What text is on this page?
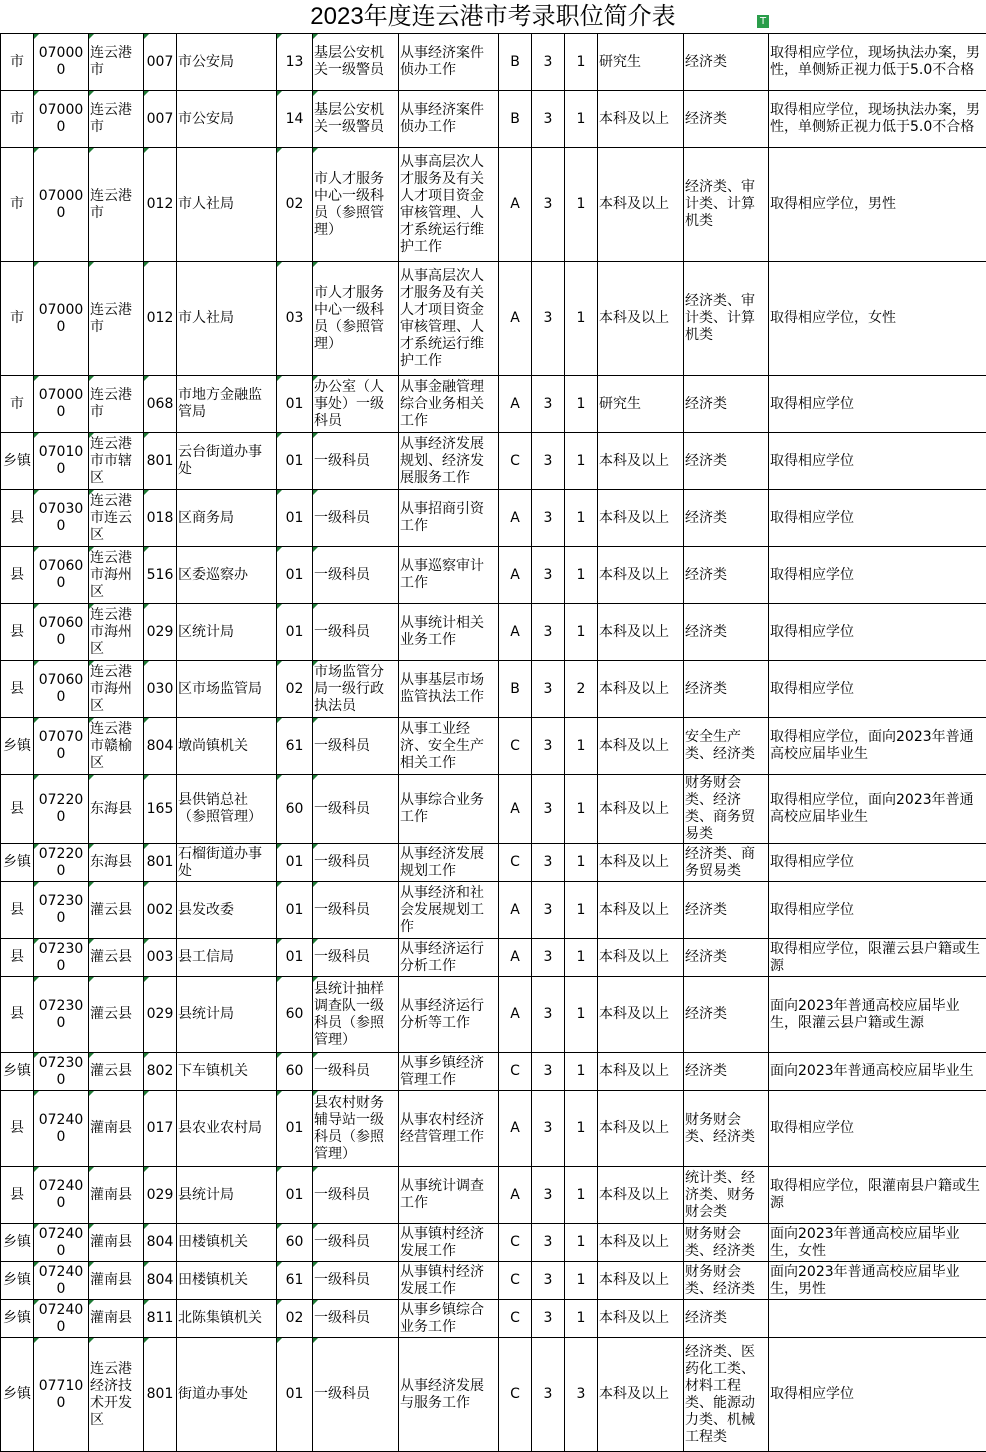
2023年度连云港市考录职位简介表	T
市	070000	连云港市	007	市公安局	13	基层公安机关一级警员	从事经济案件侦办工作	B	3	1	研究生	经济类	取得相应学位，现场执法办案，男性，单侧矫正视力低于5.0不合格
市	070000	连云港市	007	市公安局	14	基层公安机关一级警员	从事经济案件侦办工作	B	3	1	本科及以上	经济类	取得相应学位，现场执法办案，男性，单侧矫正视力低于5.0不合格
市	070000	连云港市	012	市人社局	02	市人才服务中心一级科员（参照管理）	从事高层次人才服务及有关人才项目资金审核管理、人才系统运行维护工作	A	3	1	本科及以上	经济类、审计类、计算机类	取得相应学位，男性
市	070000	连云港市	012	市人社局	03	市人才服务中心一级科员（参照管理）	从事高层次人才服务及有关人才项目资金审核管理、人才系统运行维护工作	A	3	1	本科及以上	经济类、审计类、计算机类	取得相应学位，女性
市	070000	连云港市	068	市地方金融监管局	01	办公室（人事处）一级科员	从事金融管理综合业务相关工作	A	3	1	研究生	经济类	取得相应学位
乡镇	070100	连云港市市辖区	801	云台街道办事处	01	一级科员	从事经济发展规划、经济发展服务工作	C	3	1	本科及以上	经济类	取得相应学位
县	070300	连云港市连云区	018	区商务局	01	一级科员	从事招商引资工作	A	3	1	本科及以上	经济类	取得相应学位
县	070600	连云港市海州区	516	区委巡察办	01	一级科员	从事巡察审计工作	A	3	1	本科及以上	经济类	取得相应学位
县	070600	连云港市海州区	029	区统计局	01	一级科员	从事统计相关业务工作	A	3	1	本科及以上	经济类	取得相应学位
县	070600	连云港市海州区	030	区市场监管局	02	市场监管分局一级行政执法员	从事基层市场监管执法工作	B	3	2	本科及以上	经济类	取得相应学位
乡镇	070700	连云港市赣榆区	804	墩尚镇机关	61	一级科员	从事工业经济、安全生产相关工作	C	3	1	本科及以上	安全生产类、经济类	取得相应学位，面向2023年普通高校应届毕业生
县	072200	东海县	165	县供销总社（参照管理）	60	一级科员	从事综合业务工作	A	3	1	本科及以上	财务财会类、经济类、商务贸易类	取得相应学位，面向2023年普通高校应届毕业生
乡镇	072200	东海县	801	石榴街道办事处	01	一级科员	从事经济发展规划工作	C	3	1	本科及以上	经济类、商务贸易类	取得相应学位
县	072300	灌云县	002	县发改委	01	一级科员	从事经济和社会发展规划工作	A	3	1	本科及以上	经济类	取得相应学位
县	072300	灌云县	003	县工信局	01	一级科员	从事经济运行分析工作	A	3	1	本科及以上	经济类	取得相应学位，限灌云县户籍或生源
县	072300	灌云县	029	县统计局	60	县统计抽样调查队一级科员（参照管理）	从事经济运行分析等工作	A	3	1	本科及以上	经济类	面向2023年普通高校应届毕业生，限灌云县户籍或生源
乡镇	072300	灌云县	802	下车镇机关	60	一级科员	从事乡镇经济管理工作	C	3	1	本科及以上	经济类	面向2023年普通高校应届毕业生
县	072400	灌南县	017	县农业农村局	01	县农村财务辅导站一级科员（参照管理）	从事农村经济经营管理工作	A	3	1	本科及以上	财务财会类、经济类	取得相应学位
县	072400	灌南县	029	县统计局	01	一级科员	从事统计调查工作	A	3	1	本科及以上	统计类、经济类、财务财会类	取得相应学位，限灌南县户籍或生源
乡镇	072400	灌南县	804	田楼镇机关	60	一级科员	从事镇村经济发展工作	C	3	1	本科及以上	财务财会类、经济类	面向2023年普通高校应届毕业生，女性
乡镇	072400	灌南县	804	田楼镇机关	61	一级科员	从事镇村经济发展工作	C	3	1	本科及以上	财务财会类、经济类	面向2023年普通高校应届毕业生，男性
乡镇	072400	灌南县	811	北陈集镇机关	02	一级科员	从事乡镇综合业务工作	C	3	1	本科及以上	经济类	
乡镇	077100	连云港经济技术开发区	801	街道办事处	01	一级科员	从事经济发展与服务工作	C	3	3	本科及以上	经济类、医药化工类、材料工程类、能源动力类、机械工程类	取得相应学位
